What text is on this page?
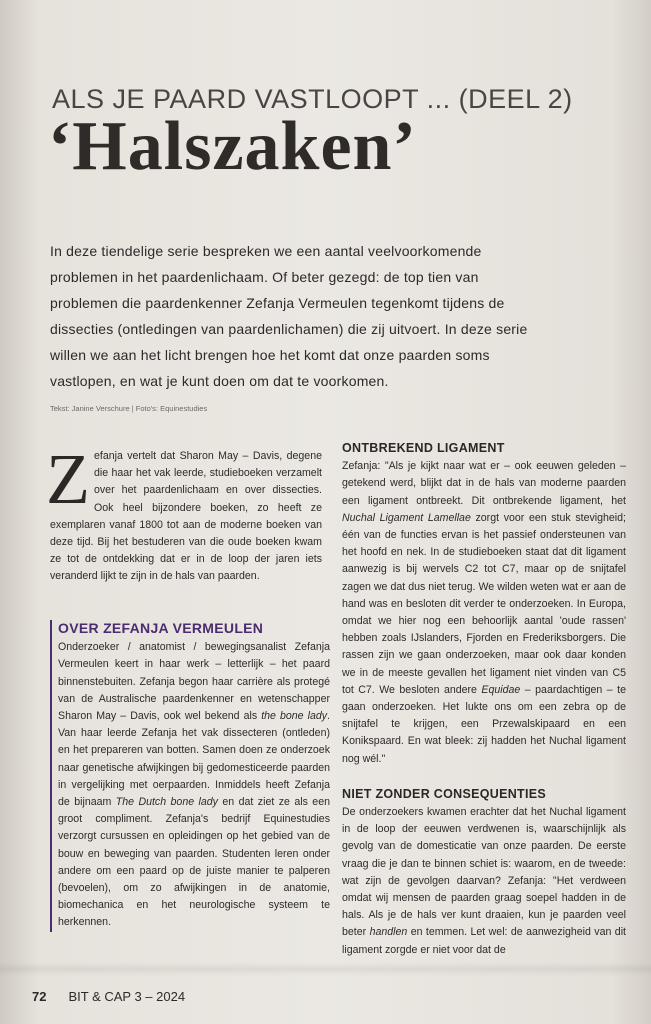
ALS JE PAARD VASTLOOPT ... (DEEL 2)
‘Halszaken’

In deze tiendelige serie bespreken we een aantal veelvoorkomende problemen in het paardenlichaam. Of beter gezegd: de top tien van problemen die paardenkenner Zefanja Vermeulen tegenkomt tijdens de dissecties (ontledingen van paardenlichamen) die zij uitvoert. In deze serie willen we aan het licht brengen hoe het komt dat onze paarden soms vastlopen, en wat je kunt doen om dat te voorkomen.

Tekst: Janine Verschure | Foto's: Equinestudies

Zefanja vertelt dat Sharon May – Davis, degene die haar het vak leerde, studieboeken verzamelt over het paardenlichaam en over dissecties. Ook heel bijzondere boeken, zo heeft ze exemplaren vanaf 1800 tot aan de moderne boeken van deze tijd. Bij het bestuderen van die oude boeken kwam ze tot de ontdekking dat er in de loop der jaren iets veranderd lijkt te zijn in de hals van paarden.

OVER ZEFANJA VERMEULEN

Onderzoeker / anatomist / bewegingsanalist Zefanja Vermeulen keert in haar werk – letterlijk – het paard binnenstebuiten. Zefanja begon haar carrière als protegé van de Australische paardenkenner en wetenschapper Sharon May – Davis, ook wel bekend als the bone lady. Van haar leerde Zefanja het vak dissecteren (ontleden) en het prepareren van botten. Samen doen ze onderzoek naar genetische afwijkingen bij gedomesticeerde paarden in vergelijking met oerpaarden. Inmiddels heeft Zefanja de bijnaam The Dutch bone lady en dat ziet ze als een groot compliment. Zefanja's bedrijf Equinestudies verzorgt cursussen en opleidingen op het gebied van de bouw en beweging van paarden. Studenten leren onder andere om een paard op de juiste manier te palperen (bevoelen), om zo afwijkingen in de anatomie, biomechanica en het neurologische systeem te herkennen.

ONTBREKEND LIGAMENT

Zefanja: "Als je kijkt naar wat er – ook eeuwen geleden – getekend werd, blijkt dat in de hals van moderne paarden een ligament ontbreekt. Dit ontbrekende ligament, het Nuchal Ligament Lamellae zorgt voor een stuk stevigheid; één van de functies ervan is het passief ondersteunen van het hoofd en nek. In de studieboeken staat dat dit ligament aanwezig is bij wervels C2 tot C7, maar op de snijtafel zagen we dat dus niet terug. We wilden weten wat er aan de hand was en besloten dit verder te onderzoeken. In Europa, omdat we hier nog een behoorlijk aantal 'oude rassen' hebben zoals IJslanders, Fjorden en Frederiksborgers. Die rassen zijn we gaan onderzoeken, maar ook daar konden we in de meeste gevallen het ligament niet vinden van C5 tot C7. We besloten andere Equidae – paardachtigen – te gaan onderzoeken. Het lukte ons om een zebra op de snijtafel te krijgen, een Przewalskipaard en een Konikspaard. En wat bleek: zij hadden het Nuchal ligament nog wél."

NIET ZONDER CONSEQUENTIES

De onderzoekers kwamen erachter dat het Nuchal ligament in de loop der eeuwen verdwenen is, waarschijnlijk als gevolg van de domesticatie van onze paarden. De eerste vraag die je dan te binnen schiet is: waarom, en de tweede: wat zijn de gevolgen daarvan? Zefanja: "Het verdween omdat wij mensen de paarden graag soepel hadden in de hals. Als je de hals ver kunt draaien, kun je paarden veel beter handlen en temmen. Let wel: de aanwezigheid van dit ligament zorgde er niet voor dat de

72 BIT & CAP 3 – 2024
